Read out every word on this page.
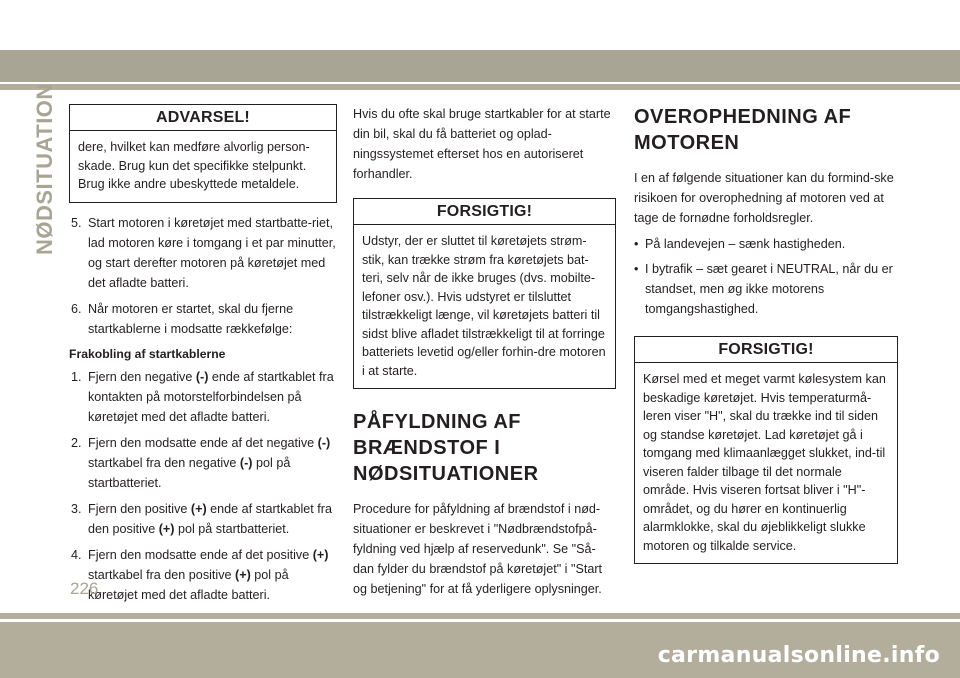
NØDSITUATION	ADVARSEL!
dere, hvilket kan medføre alvorlig person-skade. Brug kun det specifikke stelpunkt. Brug ikke andre ubeskyttede metaldele.
5. Start motoren i køretøjet med startbatte-riet, lad motoren køre i tomgang i et par minutter, og start derefter motoren på køretøjet med det afladte batteri.
6. Når motoren er startet, skal du fjerne startkablerne i modsatte rækkefølge:
Frakobling af startkablerne
1. Fjern den negative (-) ende af startkablet fra kontakten på motorstelforbindelsen på køretøjet med det afladte batteri.
2. Fjern den modsatte ende af det negative (-) startkabel fra den negative (-) pol på startbatteriet.
3. Fjern den positive (+) ende af startkablet fra den positive (+) pol på startbatteriet.
4. Fjern den modsatte ende af det positive (+) startkabel fra den positive (+) pol på køretøjet med det afladte batteri.

Hvis du ofte skal bruge startkabler for at starte din bil, skal du få batteriet og oplad-ningssystemet efterset hos en autoriseret forhandler.

FORSIGTIG!
Udstyr, der er sluttet til køretøjets strøm-stik, kan trække strøm fra køretøjets bat-teri, selv når de ikke bruges (dvs. mobilte-lefoner osv.). Hvis udstyret er tilsluttet tilstrækkeligt længe, vil køretøjets batteri til sidst blive afladet tilstrækkeligt til at forringe batteriets levetid og/eller forhin-dre motoren i at starte.
PÅFYLDNING AF
BRÆNDSTOF I
NØDSITUATIONER

Procedure for påfyldning af brændstof i nød-situationer er beskrevet i "Nødbrændstofpå-fyldning ved hjælp af reservedunk". Se "Så-dan fylder du brændstof på køretøjet" i "Start og betjening" for at få yderligere oplysninger.

OVEROPHEDNING AF
MOTOREN

I en af følgende situationer kan du formind-ske risikoen for overophedning af motoren ved at tage de fornødne forholdsregler.

• På landevejen – sænk hastigheden.
• I bytrafik – sæt gearet i NEUTRAL, når du er standset, men øg ikke motorens tomgangshastighed.
FORSIGTIG!
Kørsel med et meget varmt kølesystem kan beskadige køretøjet. Hvis temperaturmå-leren viser "H", skal du trække ind til siden og standse køretøjet. Lad køretøjet gå i tomgang med klimaanlægget slukket, ind-til viseren falder tilbage til det normale område. Hvis viseren fortsat bliver i "H"-området, og du hører en kontinuerlig alarmklokke, skal du øjeblikkeligt slukke motoren og tilkalde service.
226
carmanualsonline.info
